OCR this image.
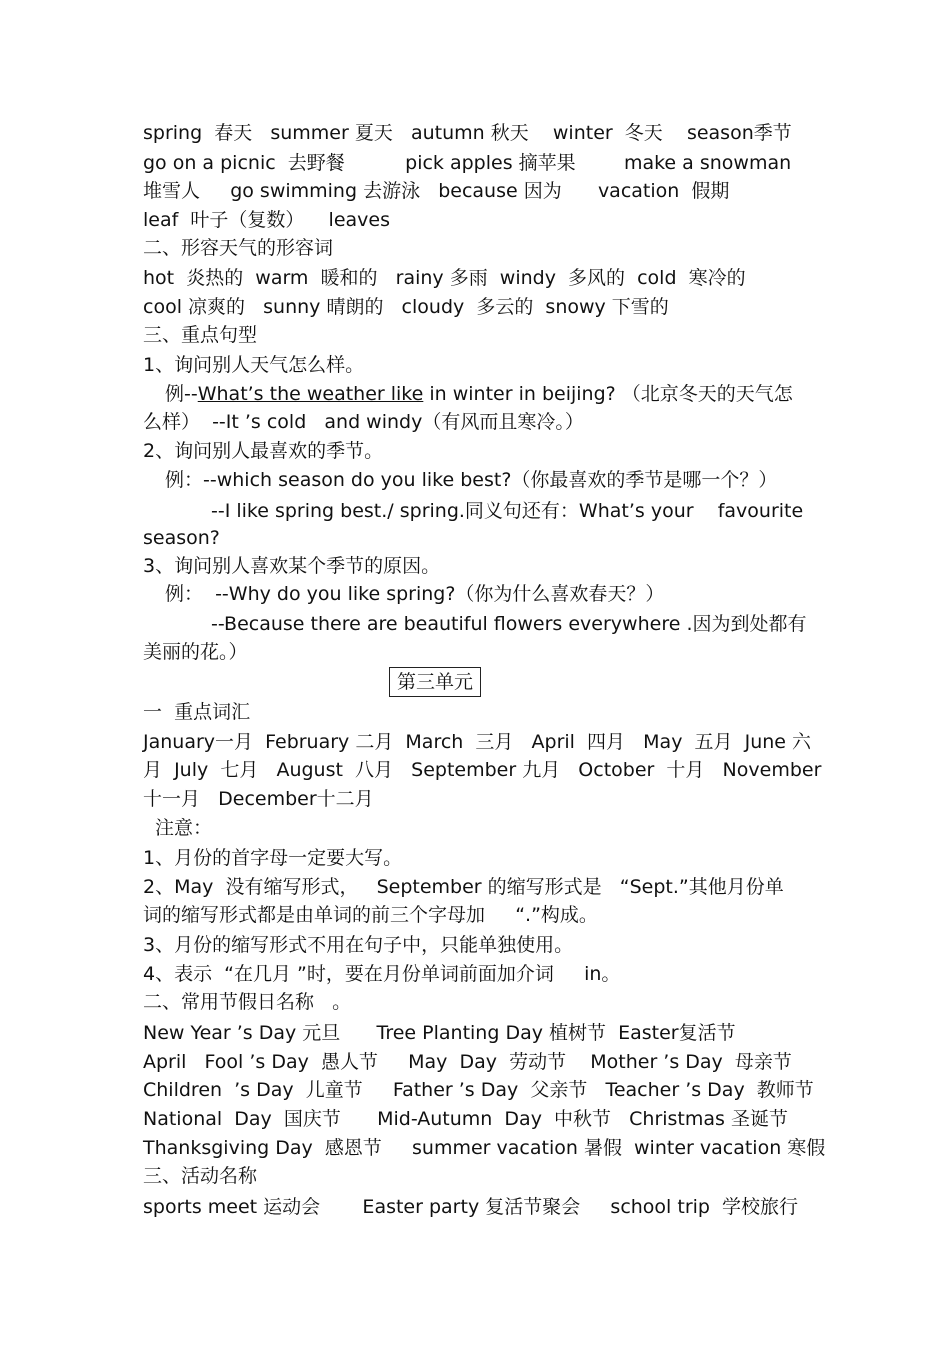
spring  春天   summer 夏天   autumn 秋天    winter  冬天    season季节
go on a picnic  去野餐          pick apples 摘苹果        make a snowman
堆雪人     go swimming 去游泳   because 因为      vacation  假期
leaf  叶子（复数）    leaves
二、形容天气的形容词
hot  炎热的  warm  暖和的   rainy 多雨  windy  多风的  cold  寒冷的
cool 凉爽的   sunny 晴朗的   cloudy  多云的  snowy 下雪的
三、重点句型
1、询问别人天气怎么样。
例--What’s the weather like in winter in beijing? （北京冬天的天气怎
么样）  --It ’s cold   and windy（有风而且寒冷。）
2、询问别人最喜欢的季节。
例：--which season do you like best?（你最喜欢的季节是哪一个？）
--I like spring best./ spring.同义句还有：What’s your    favourite
season?
3、询问别人喜欢某个季节的原因。
例：  --Why do you like spring?（你为什么喜欢春天？）
--Because there are beautiful flowers everywhere .因为到处都有
美丽的花。）
第三单元
一  重点词汇
January一月  February 二月  March  三月   April  四月   May  五月  June 六
月  July  七月   August  八月   September 九月   October  十月   November
十一月   December十二月
注意：
1、月份的首字母一定要大写。
2、May  没有缩写形式，   September 的缩写形式是   “Sept.”其他月份单
词的缩写形式都是由单词的前三个字母加     “.”构成。
3、月份的缩写形式不用在句子中，只能单独使用。
4、表示  “在几月 ”时，要在月份单词前面加介词     in。
二、常用节假日名称   。
New Year ’s Day 元旦      Tree Planting Day 植树节  Easter复活节
April   Fool ’s Day  愚人节     May  Day  劳动节    Mother ’s Day  母亲节
Children  ’s Day  儿童节     Father ’s Day  父亲节   Teacher ’s Day  教师节
National  Day  国庆节      Mid-Autumn  Day  中秋节   Christmas 圣诞节
Thanksgiving Day  感恩节     summer vacation 暑假  winter vacation 寒假
三、活动名称
sports meet 运动会       Easter party 复活节聚会     school trip  学校旅行
